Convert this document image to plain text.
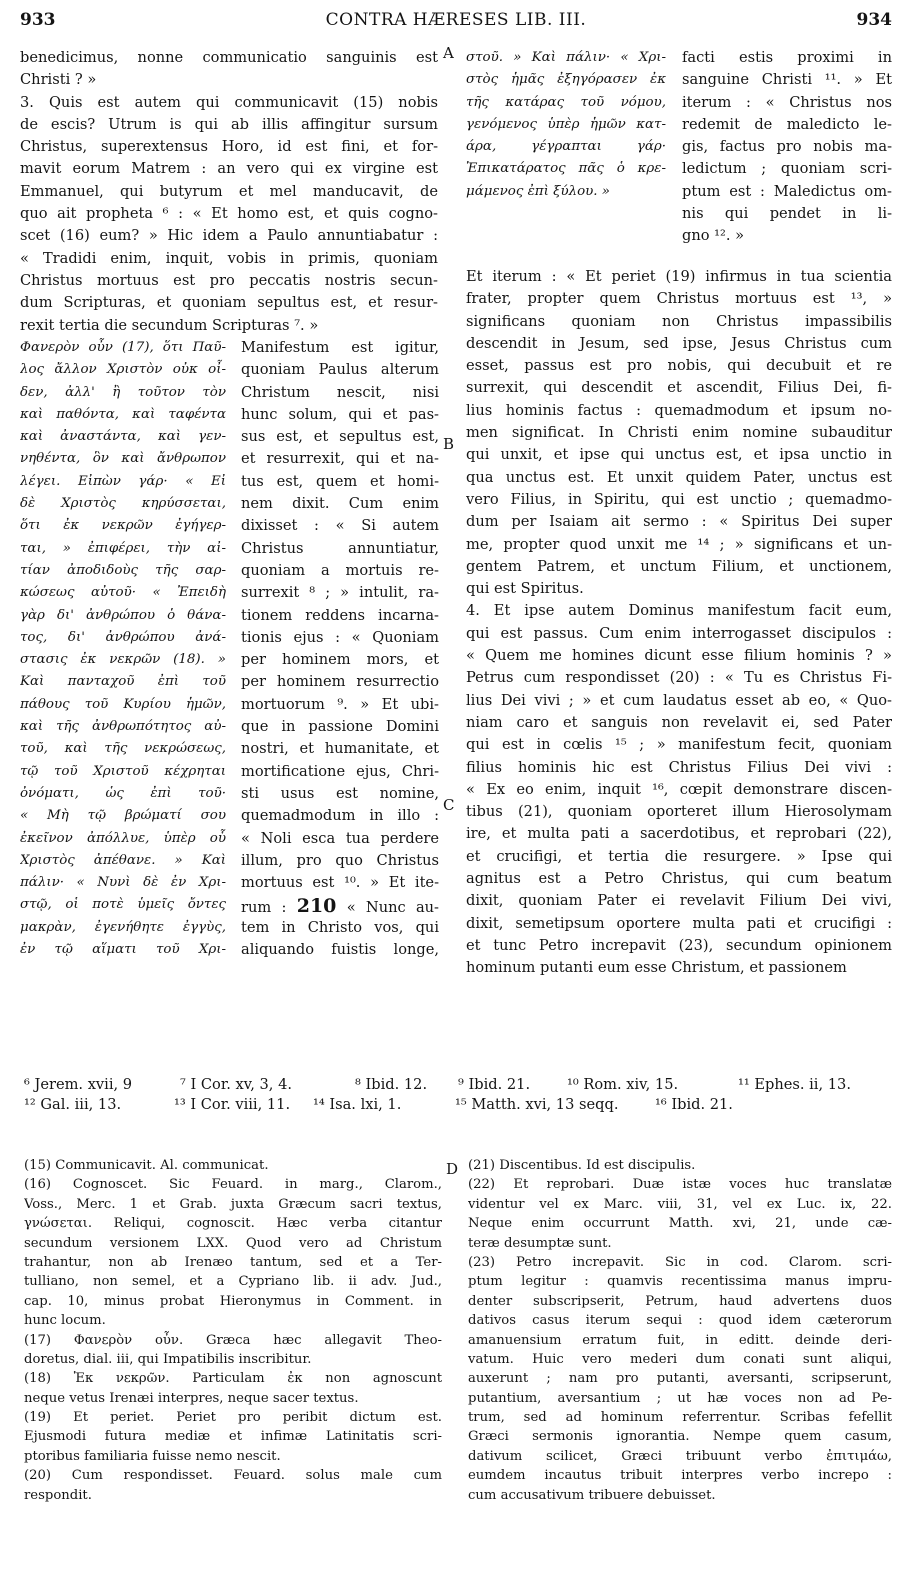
933	CONTRA HÆRESES LIB. III.	934
A
B
C
D
benedicimus, nonne communicatio sanguinis est
Christi ? »
3. Quis est autem qui communicavit (15) nobis
de escis? Utrum is qui ab illis affingitur sursum
Christus, superextensus Horo, id est fini, et for-
mavit eorum Matrem : an vero qui ex virgine est
Emmanuel, qui butyrum et mel manducavit, de
quo ait propheta ⁶ : « Et homo est, et quis cogno-
scet (16) eum? » Hic idem a Paulo annuntiabatur :
« Tradidi enim, inquit, vobis in primis, quoniam
Christus mortuus est pro peccatis nostris secun-
dum Scripturas, et quoniam sepultus est, et resur-
rexit tertia die secundum Scripturas ⁷. »
Φανερὸν οὖν (17), ὅτι Παῦ-
λος ἄλλον Χριστὸν οὐκ οἶ-
δεν, ἀλλ' ἢ τοῦτον τὸν
καὶ παθόντα, καὶ ταφέντα
καὶ ἀναστάντα, καὶ γεν-
νηθέντα, ὃν καὶ ἄνθρωπον
λέγει. Εἰπὼν γάρ· « Εἰ
δὲ Χριστὸς κηρύσσεται,
ὅτι ἐκ νεκρῶν ἐγήγερ-
ται, » ἐπιφέρει, τὴν αἰ-
τίαν ἀποδιδοὺς τῆς σαρ-
κώσεως αὐτοῦ· « Ἐπειδὴ
γὰρ δι' ἀνθρώπου ὁ θάνα-
τος, δι' ἀνθρώπου ἀνά-
στασις ἐκ νεκρῶν (18). »
Καὶ πανταχοῦ ἐπὶ τοῦ
πάθους τοῦ Κυρίου ἡμῶν,
καὶ τῆς ἀνθρωπότητος αὐ-
τοῦ, καὶ τῆς νεκρώσεως,
τῷ τοῦ Χριστοῦ κέχρηται
ὀνόματι, ὡς ἐπὶ τοῦ·
« Μὴ τῷ βρώματί σου
ἐκεῖνον ἀπόλλυε, ὑπὲρ οὗ
Χριστὸς ἀπέθανε. » Καὶ
πάλιν· « Νυνὶ δὲ ἐν Χρι-
στῷ, οἱ ποτὲ ὑμεῖς ὄντες
μακρὰν, ἐγενήθητε ἐγγὺς,
ἐν τῷ αἵματι τοῦ Χρι-
Manifestum est igitur,
quoniam Paulus alterum
Christum nescit, nisi
hunc solum, qui et pas-
sus est, et sepultus est,
et resurrexit, qui et na-
tus est, quem et homi-
nem dixit. Cum enim
dixisset : « Si autem
Christus annuntiatur,
quoniam a mortuis re-
surrexit ⁸ ; » intulit, ra-
tionem reddens incarna-
tionis ejus : « Quoniam
per hominem mors, et
per hominem resurrectio
mortuorum ⁹. » Et ubi-
que in passione Domini
nostri, et humanitate, et
mortificatione ejus, Chri-
sti usus est nomine,
quemadmodum in illo :
« Noli esca tua perdere
illum, pro quo Christus
mortuus est ¹⁰. » Et ite-
rum : 210 « Nunc au-
tem in Christo vos, qui
aliquando fuistis longe,
στοῦ. » Καὶ πάλιν· « Χρι-
στὸς ἡμᾶς ἐξηγόρασεν ἐκ
τῆς κατάρας τοῦ νόμου,
γενόμενος ὑπὲρ ἡμῶν κατ-
άρα, γέγραπται γάρ·
Ἐπικατάρατος πᾶς ὁ κρε-
μάμενος ἐπὶ ξύλου. »
facti estis proximi in
sanguine Christi ¹¹. » Et
iterum : « Christus nos
redemit de maledicto le-
gis, factus pro nobis ma-
ledictum ; quoniam scri-
ptum est : Maledictus om-
nis qui pendet in li-
gno ¹². »
Et iterum : « Et periet (19) infirmus in tua scientia
frater, propter quem Christus mortuus est ¹³, »
significans quoniam non Christus impassibilis
descendit in Jesum, sed ipse, Jesus Christus cum
esset, passus est pro nobis, qui decubuit et re
surrexit, qui descendit et ascendit, Filius Dei, fi-
lius hominis factus : quemadmodum et ipsum no-
men significat. In Christi enim nomine subauditur
qui unxit, et ipse qui unctus est, et ipsa unctio in
qua unctus est. Et unxit quidem Pater, unctus est
vero Filius, in Spiritu, qui est unctio ; quemadmo-
dum per Isaiam ait sermo : « Spiritus Dei super
me, propter quod unxit me ¹⁴ ; » significans et un-
gentem Patrem, et unctum Filium, et unctionem,
qui est Spiritus.
4. Et ipse autem Dominus manifestum facit eum,
qui est passus. Cum enim interrogasset discipulos :
« Quem me homines dicunt esse filium hominis ? »
Petrus cum respondisset (20) : « Tu es Christus Fi-
lius Dei vivi ; » et cum laudatus esset ab eo, « Quo-
niam caro et sanguis non revelavit ei, sed Pater
qui est in cœlis ¹⁵ ; » manifestum fecit, quoniam
filius hominis hic est Christus Filius Dei vivi :
« Ex eo enim, inquit ¹⁶, cœpit demonstrare discen-
tibus (21), quoniam oporteret illum Hierosolymam
ire, et multa pati a sacerdotibus, et reprobari (22),
et crucifigi, et tertia die resurgere. » Ipse qui
agnitus est a Petro Christus, qui cum beatum
dixit, quoniam Pater ei revelavit Filium Dei vivi,
dixit, semetipsum oportere multa pati et crucifigi :
et tunc Petro increpavit (23), secundum opinionem
hominum putanti eum esse Christum, et passionem
⁶ Jerem. xvii, 9	⁷ I Cor. xv, 3, 4.	⁸ Ibid. 12. ⁹ Ibid. 21.	¹⁰ Rom. xiv, 15.	¹¹ Ephes. ii, 13.
¹² Gal. iii, 13.	¹³ I Cor. viii, 11. ¹⁴ Isa. lxi, 1.	¹⁵ Matth. xvi, 13 seqq.	¹⁶ Ibid. 21.
(15) Communicavit. Al. communicat.
(16) Cognoscet. Sic Feuard. in marg., Clarom.,
Voss., Merc. 1 et Grab. juxta Græcum sacri textus,
γνώσεται. Reliqui, cognoscit. Hæc verba citantur
secundum versionem LXX. Quod vero ad Christum
trahantur, non ab Irenæo tantum, sed et a Ter-
tulliano, non semel, et a Cypriano lib. ii adv. Jud.,
cap. 10, minus probat Hieronymus in Comment. in
hunc locum.
(17) Φανερὸν οὖν. Græca hæc allegavit Theo-
doretus, dial. iii, qui Impatibilis inscribitur.
(18) Ἐκ νεκρῶν. Particulam ἐκ non agnoscunt
neque vetus Irenæi interpres, neque sacer textus.
(19) Et periet. Periet pro peribit dictum est.
Ejusmodi futura mediæ et infimæ Latinitatis scri-
ptoribus familiaria fuisse nemo nescit.
(20) Cum respondisset. Feuard. solus male cum
respondit.
(21) Discentibus. Id est discipulis.
(22) Et reprobari. Duæ istæ voces huc translatæ
videntur vel ex Marc. viii, 31, vel ex Luc. ix, 22.
Neque enim occurrunt Matth. xvi, 21, unde cæ-
teræ desumptæ sunt.
(23) Petro increpavit. Sic in cod. Clarom. scri-
ptum legitur : quamvis recentissima manus impru-
denter subscripserit, Petrum, haud advertens duos
dativos casus iterum sequi : quod idem cæterorum
amanuensium erratum fuit, in editt. deinde deri-
vatum. Huic vero mederi dum conati sunt aliqui,
auxerunt ; nam pro putanti, aversanti, scripserunt,
putantium, aversantium ; ut hæ voces non ad Pe-
trum, sed ad hominum referrentur. Scribas fefellit
Græci sermonis ignorantia. Nempe quem casum,
dativum scilicet, Græci tribuunt verbo ἐπιτιμάω,
eumdem incautus tribuit interpres verbo increpo :
cum accusativum tribuere debuisset.
